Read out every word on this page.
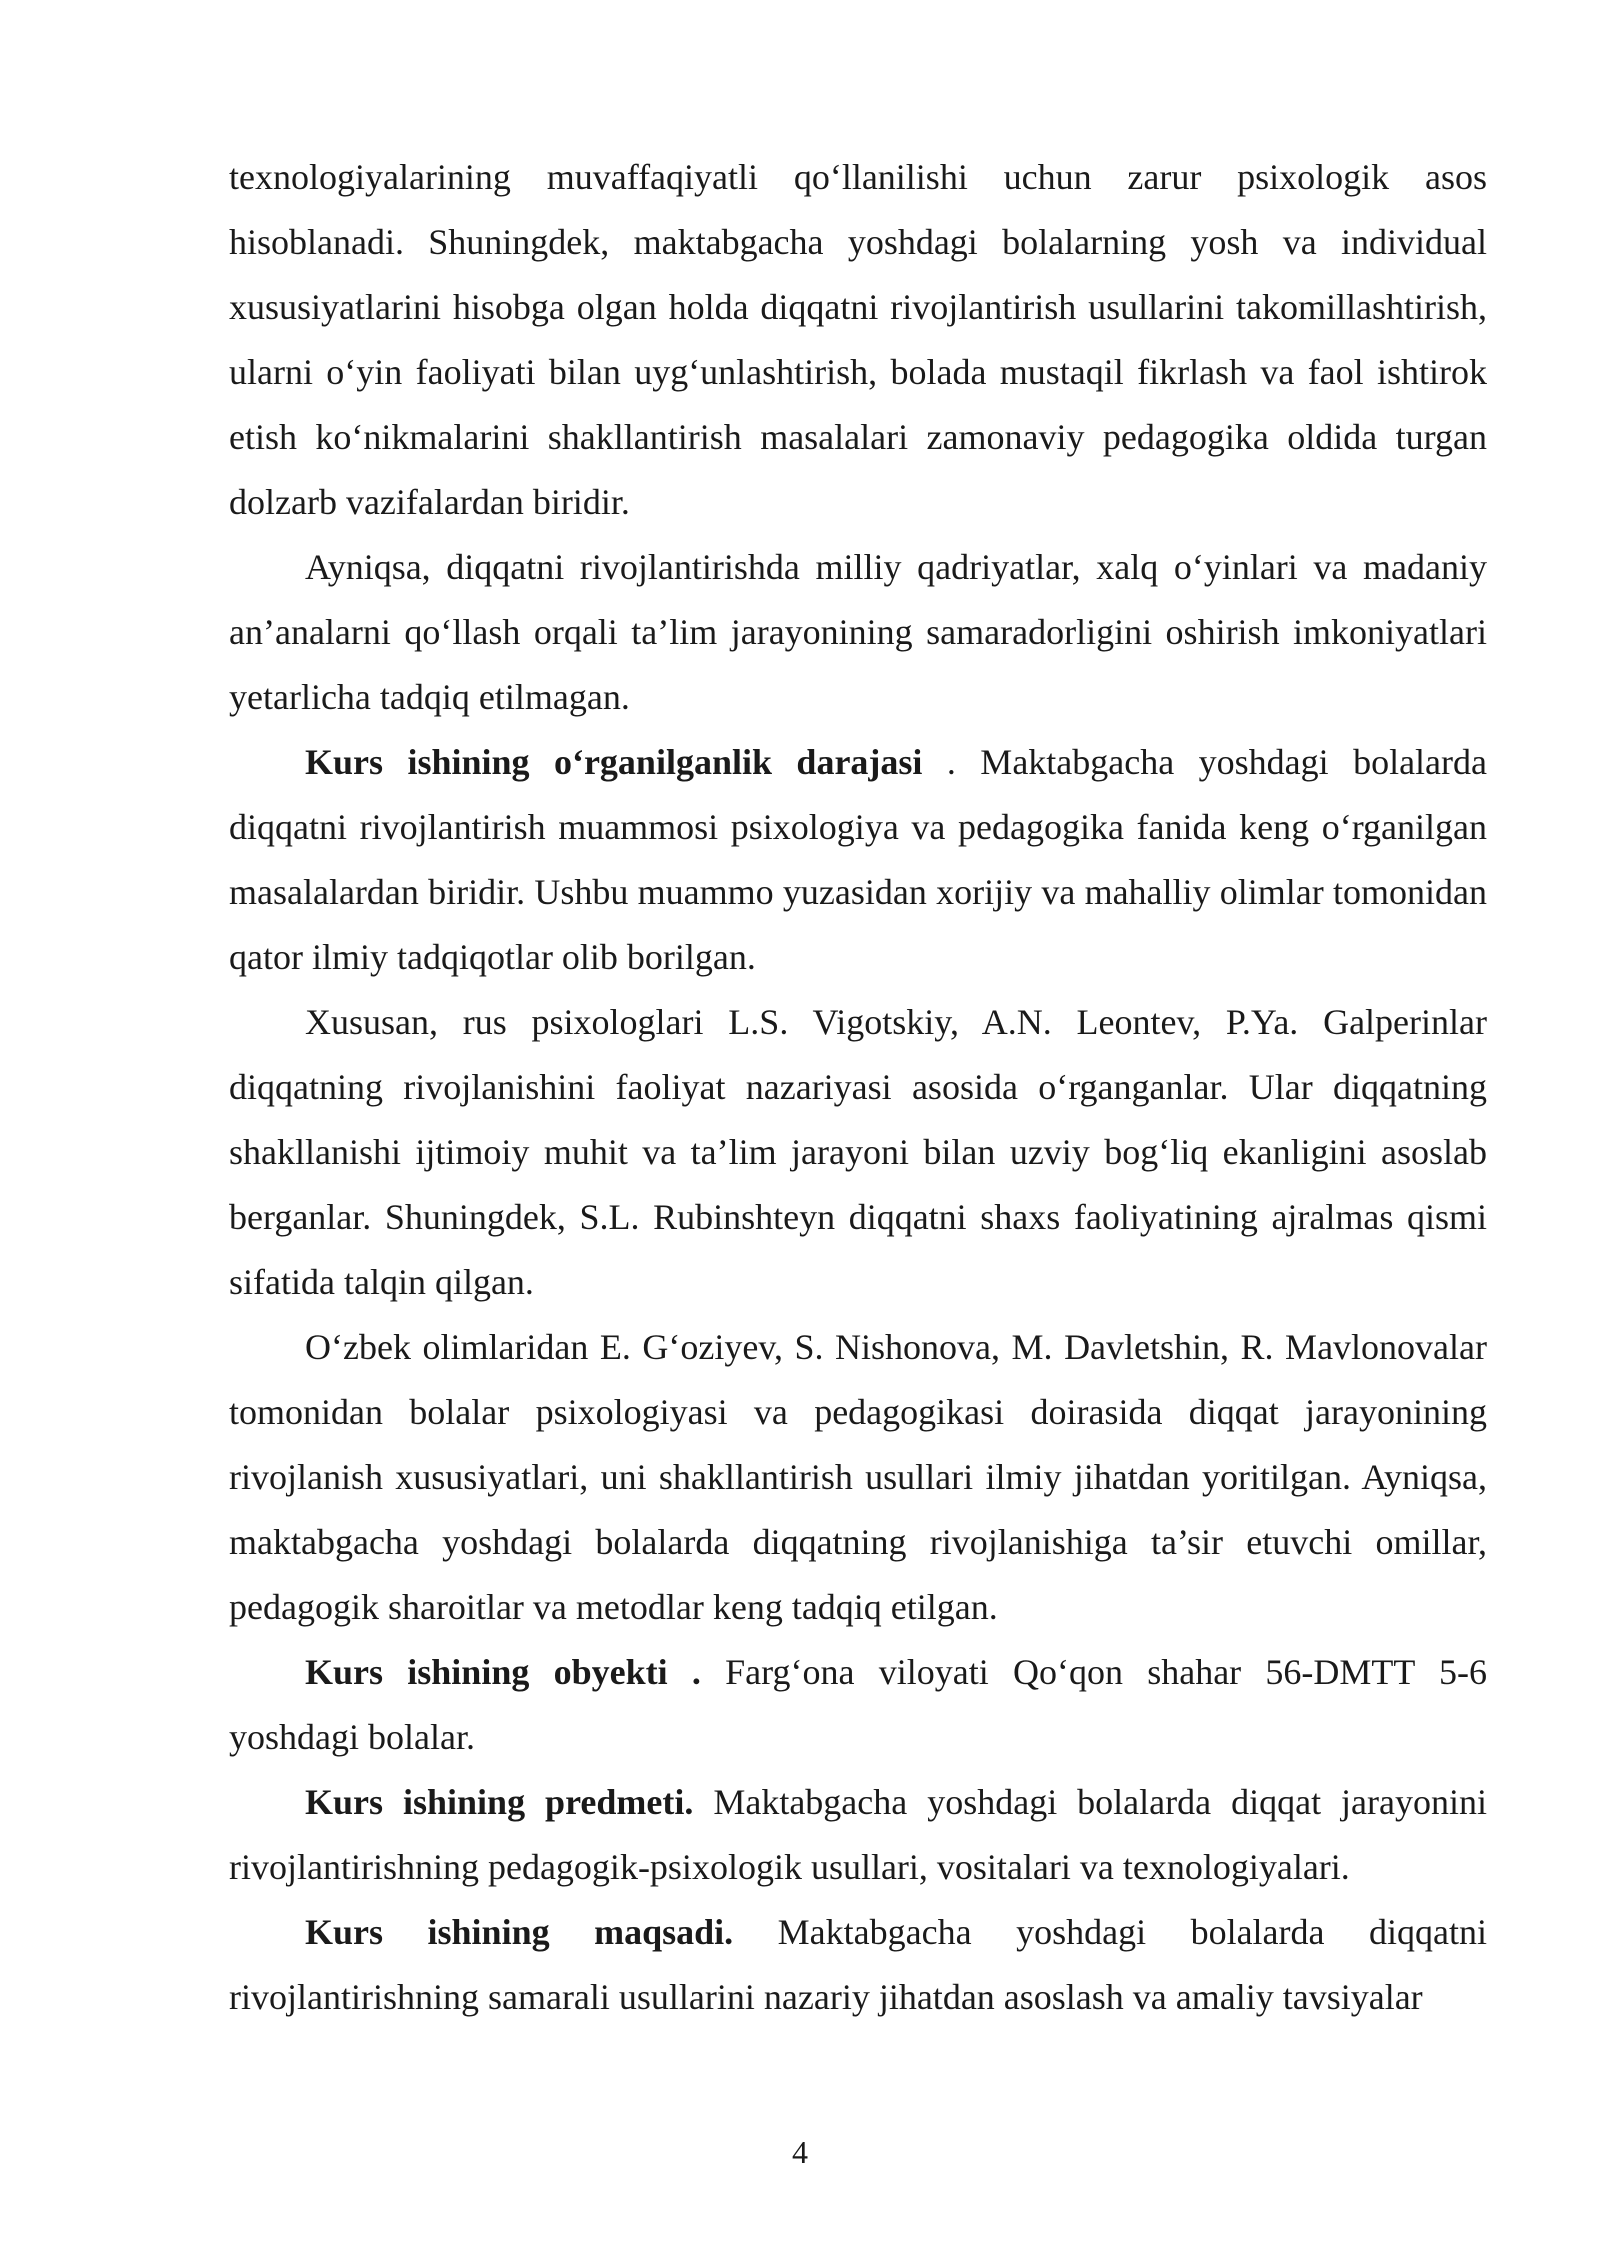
texnologiyalarining muvaffaqiyatli qo‘llanilishi uchun zarur psixologik asos hisoblanadi. Shuningdek, maktabgacha yoshdagi bolalarning yosh va individual xususiyatlarini hisobga olgan holda diqqatni rivojlantirish usullarini takomillashtirish, ularni o‘yin faoliyati bilan uyg‘unlashtirish, bolada mustaqil fikrlash va faol ishtirok etish ko‘nikmalarini shakllantirish masalalari zamonaviy pedagogika oldida turgan dolzarb vazifalardan biridir.

Ayniqsa, diqqatni rivojlantirishda milliy qadriyatlar, xalq o‘yinlari va madaniy an’analarni qo‘llash orqali ta’lim jarayonining samaradorligini oshirish imkoniyatlari yetarlicha tadqiq etilmagan.

Kurs ishining o‘rganilganlik darajasi . Maktabgacha yoshdagi bolalarda diqqatni rivojlantirish muammosi psixologiya va pedagogika fanida keng o‘rganilgan masalalardan biridir. Ushbu muammo yuzasidan xorijiy va mahalliy olimlar tomonidan qator ilmiy tadqiqotlar olib borilgan.

Xususan, rus psixologlari L.S. Vigotskiy, A.N. Leontev, P.Ya. Galperinlar diqqatning rivojlanishini faoliyat nazariyasi asosida o‘rganganlar. Ular diqqatning shakllanishi ijtimoiy muhit va ta’lim jarayoni bilan uzviy bog‘liq ekanligini asoslab berganlar. Shuningdek, S.L. Rubinshteyn diqqatni shaxs faoliyatining ajralmas qismi sifatida talqin qilgan.

O‘zbek olimlaridan E. G‘oziyev, S. Nishonova, M. Davletshin, R. Mavlonovalar tomonidan bolalar psixologiyasi va pedagogikasi doirasida diqqat jarayonining rivojlanish xususiyatlari, uni shakllantirish usullari ilmiy jihatdan yoritilgan. Ayniqsa, maktabgacha yoshdagi bolalarda diqqatning rivojlanishiga ta’sir etuvchi omillar, pedagogik sharoitlar va metodlar keng tadqiq etilgan.

Kurs ishining obyekti . Farg‘ona viloyati Qo‘qon shahar 56-DMTT 5-6 yoshdagi bolalar.

Kurs ishining predmeti. Maktabgacha yoshdagi bolalarda diqqat jarayonini rivojlantirishning pedagogik-psixologik usullari, vositalari va texnologiyalari.

Kurs ishining maqsadi. Maktabgacha yoshdagi bolalarda diqqatni rivojlantirishning samarali usullarini nazariy jihatdan asoslash va amaliy tavsiyalar

4
